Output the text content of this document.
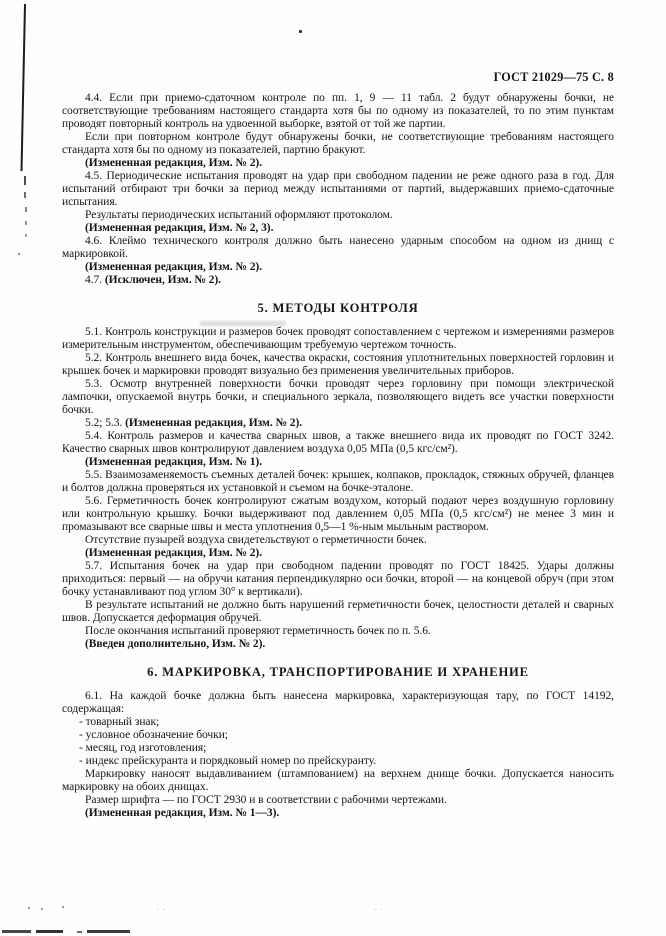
ГОСТ 21029—75 С. 8

4.4. Если при приемо-сдаточном контроле по пп. 1, 9 — 11 табл. 2 будут обнаружены бочки, не соответствующие требованиям настоящего стандарта хотя бы по одному из показателей, то по этим пунктам проводят повторный контроль на удвоенной выборке, взятой от той же партии.

Если при повторном контроле будут обнаружены бочки, не соответствующие требованиям настоящего стандарта хотя бы по одному из показателей, партию бракуют.

(Измененная редакция, Изм. № 2).

4.5. Периодические испытания проводят на удар при свободном падении не реже одного раза в год. Для испытаний отбирают три бочки за период между испытаниями от партий, выдержавших приемо-сдаточные испытания.

Результаты периодических испытаний оформляют протоколом.

(Измененная редакция, Изм. № 2, 3).

4.6. Клеймо технического контроля должно быть нанесено ударным способом на одном из днищ с маркировкой.

(Измененная редакция, Изм. № 2).

4.7. (Исключен, Изм. № 2).

5. МЕТОДЫ КОНТРОЛЯ

5.1. Контроль конструкции и размеров бочек проводят сопоставлением с чертежом и измерениями размеров измерительным инструментом, обеспечивающим требуемую чертежом точность.

5.2. Контроль внешнего вида бочек, качества окраски, состояния уплотнительных поверхностей горловин и крышек бочек и маркировки проводят визуально без применения увеличительных приборов.

5.3. Осмотр внутренней поверхности бочки проводят через горловину при помощи электрической лампочки, опускаемой внутрь бочки, и специального зеркала, позволяющего видеть все участки поверхности бочки.

5.2; 5.3. (Измененная редакция, Изм. № 2).

5.4. Контроль размеров и качества сварных швов, а также внешнего вида их проводят по ГОСТ 3242. Качество сварных швов контролируют давлением воздуха 0,05 МПа (0,5 кгс/см²).

(Измененная редакция, Изм. № 1).

5.5. Взаимозаменяемость съемных деталей бочек: крышек, колпаков, прокладок, стяжных обручей, фланцев и болтов должна проверяться их установкой и съемом на бочке-эталоне.

5.6. Герметичность бочек контролируют сжатым воздухом, который подают через воздушную горловину или контрольную крышку. Бочки выдерживают под давлением 0,05 МПа (0,5 кгс/см²) не менее 3 мин и промазывают все сварные швы и места уплотнения 0,5—1 %-ным мыльным раствором.

Отсутствие пузырей воздуха свидетельствуют о герметичности бочек.

(Измененная редакция, Изм. № 2).

5.7. Испытания бочек на удар при свободном падении проводят по ГОСТ 18425. Удары должны приходиться: первый — на обручи катания перпендикулярно оси бочки, второй — на концевой обруч (при этом бочку устанавливают под углом 30° к вертикали).

В результате испытаний не должно быть нарушений герметичности бочек, целостности деталей и сварных швов. Допускается деформация обручей.

После окончания испытаний проверяют герметичность бочек по п. 5.6.

(Введен дополнительно, Изм. № 2).

6. МАРКИРОВКА, ТРАНСПОРТИРОВАНИЕ И ХРАНЕНИЕ

6.1. На каждой бочке должна быть нанесена маркировка, характеризующая тару, по ГОСТ 14192, содержащая:

- товарный знак;

- условное обозначение бочки;

- месяц, год изготовления;

- индекс прейскуранта и порядковый номер по прейскуранту.

Маркировку наносят выдавливанием (штампованием) на верхнем днище бочки. Допускается наносить маркировку на обоих днищах.

Размер шрифта — по ГОСТ 2930 и в соответствии с рабочими чертежами.

(Измененная редакция, Изм. № 1—3).
